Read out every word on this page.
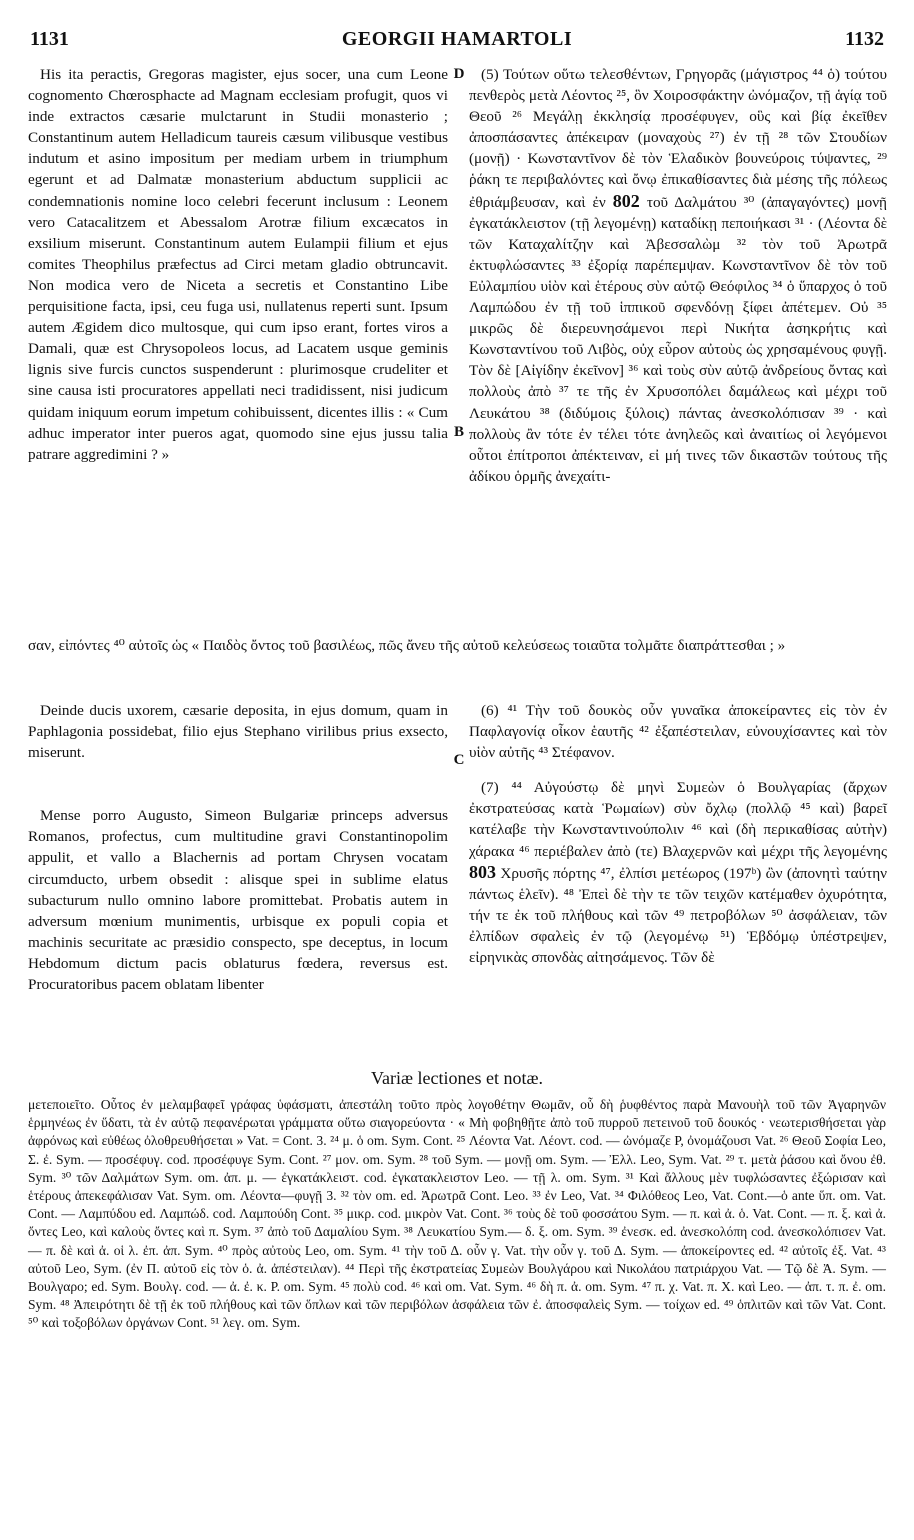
1131	GEORGII HAMARTOLI	1132
D
B
C

His ita peractis, Gregoras magister, ejus socer, una cum Leone cognomento Chœrosphacte ad Magnam ecclesiam profugit, quos vi inde extractos cæsarie mulctarunt in Studii monasterio ; Constantinum autem Helladicum taureis cæsum vilibusque vestibus indutum et asino impositum per mediam urbem in triumphum egerunt et ad Dalmatæ monasterium abductum supplicii ac condemnationis nomine loco celebri fecerunt inclusum : Leonem vero Catacalitzem et Abessalom Arotræ filium excæcatos in exsilium miserunt. Constantinum autem Eulampii filium et ejus comites Theophilus præfectus ad Circi metam gladio obtruncavit. Non modica vero de Niceta a secretis et Constantino Libe perquisitione facta, ipsi, ceu fuga usi, nullatenus reperti sunt. Ipsum autem Ægidem dico multosque, qui cum ipso erant, fortes viros a Damali, quæ est Chrysopoleos locus, ad Lacatem usque geminis lignis sive furcis cunctos suspenderunt : plurimosque crudeliter et sine causa isti procuratores appellati neci tradidissent, nisi judicum quidam iniquum eorum impetum cohibuissent, dicentes illis : « Cum adhuc imperator inter pueros agat, quomodo sine ejus jussu talia patrare aggredimini ? »

(5) Τούτων οὕτω τελεσθέντων, Γρηγορᾶς (μάγιστρος ⁴⁴ ὁ) τούτου πενθερὸς μετὰ Λέοντος ²⁵, ὃν Χοιροσφάκτην ὠνόμαζον, τῇ ἁγίᾳ τοῦ Θεοῦ ²⁶ Μεγάλῃ ἐκκλησίᾳ προσέφυγεν, οὓς καὶ βίᾳ ἐκεῖθεν ἀποσπάσαντες ἀπέκειραν (μοναχοὺς ²⁷) ἐν τῇ ²⁸ τῶν Στουδίων (μονῇ) · Κωνσταντῖνον δὲ τὸν Ἑλαδικὸν βουνεύροις τύψαντες, ²⁹ ῥάκη τε περιβαλόντες καὶ ὄνῳ ἐπικαθίσαντες διὰ μέσης τῆς πόλεως ἐθριάμβευσαν, καὶ ἐν 802 τοῦ Δαλμάτου ³⁰ (ἀπαγαγόντες) μονῇ ἐγκατάκλειστον (τῇ λεγομένῃ) καταδίκῃ πεποιήκασι ³¹ · (Λέοντα δὲ τῶν Καταχαλίτζην καὶ Ἀβεσσαλὼμ ³² τὸν τοῦ Ἀρωτρᾶ ἐκτυφλώσαντες ³³ ἐξορίᾳ παρέπεμψαν. Κωνσταντῖνον δὲ τὸν τοῦ Εὐλαμπίου υἱὸν καὶ ἑτέρους σὺν αὐτῷ Θεόφιλος ³⁴ ὁ ὕπαρχος ὁ τοῦ Λαμπώδου ἐν τῇ τοῦ ἱππικοῦ σφενδόνῃ ξίφει ἀπέτεμεν. Οὐ ³⁵ μικρῶς δὲ διερευνησάμενοι περὶ Νικήτα ἀσηκρήτις καὶ Κωνσταντίνου τοῦ Λιβὸς, οὐχ εὗρον αὐτοὺς ὡς χρησαμένους φυγῇ. Τὸν δὲ [Αἰγίδην ἐκεῖνον] ³⁶ καὶ τοὺς σὺν αὐτῷ ἀνδρείους ὄντας καὶ πολλοὺς ἀπὸ ³⁷ τε τῆς ἐν Χρυσοπόλει δαμάλεως καὶ μέχρι τοῦ Λευκάτου ³⁸ (διδύμοις ξύλοις) πάντας ἀνεσκολόπισαν ³⁹ · καὶ πολλοὺς ἂν τότε ἐν τέλει τότε ἀνηλεῶς καὶ ἀναιτίως οἱ λεγόμενοι οὗτοι ἐπίτροποι ἀπέκτειναν, εἰ μή τινες τῶν δικαστῶν τούτους τῆς ἀδίκου ὁρμῆς ἀνεχαίτι-

σαν, εἰπόντες ⁴⁰ αὐτοῖς ὡς « Παιδὸς ὄντος τοῦ βασιλέως, πῶς ἄνευ τῆς αὐτοῦ κελεύσεως τοιαῦτα τολμᾶτε διαπράττεσθαι ; »

Deinde ducis uxorem, cæsarie deposita, in ejus domum, quam in Paphlagonia possidebat, filio ejus Stephano virilibus prius exsecto, miserunt.

Mense porro Augusto, Simeon Bulgariæ princeps adversus Romanos, profectus, cum multitudine gravi Constantinopolim appulit, et vallo a Blachernis ad portam Chrysen vocatam circumducto, urbem obsedit : alisque spei in sublime elatus subacturum nullo omnino labore promittebat. Probatis autem in adversum mœnium munimentis, urbisque ex populi copia et machinis securitate ac præsidio conspecto, spe deceptus, in locum Hebdomum dictum pacis oblaturus fœdera, reversus est. Procuratoribus pacem oblatam libenter

(6) ⁴¹ Τὴν τοῦ δουκὸς οὖν γυναῖκα ἀποκείραντες εἰς τὸν ἐν Παφλαγονίᾳ οἶκον ἑαυτῆς ⁴² ἐξαπέστειλαν, εὐνουχίσαντες καὶ τὸν υἱὸν αὐτῆς ⁴³ Στέφανον.

(7) ⁴⁴ Αὐγούστῳ δὲ μηνὶ Συμεὼν ὁ Βουλγαρίας (ἄρχων ἐκστρατεύσας κατὰ Ῥωμαίων) σὺν ὄχλῳ (πολλῷ ⁴⁵ καὶ) βαρεῖ κατέλαβε τὴν Κωνσταντινούπολιν ⁴⁶ καὶ (δὴ περικαθίσας αὐτὴν) χάρακα ⁴⁶ περιέβαλεν ἀπὸ (τε) Βλαχερνῶν καὶ μέχρι τῆς λεγομένης 803 Χρυσῆς πόρτης ⁴⁷, ἐλπίσι μετέωρος (197ᵇ) ὢν (ἀπονητὶ ταύτην πάντως ἑλεῖν). ⁴⁸ Ἐπεὶ δὲ τὴν τε τῶν τειχῶν κατέμαθεν ὀχυρότητα, τήν τε ἐκ τοῦ πλήθους καὶ τῶν ⁴⁹ πετροβόλων ⁵⁰ ἀσφάλειαν, τῶν ἐλπίδων σφαλεὶς ἐν τῷ (λεγομένῳ ⁵¹) Ἑβδόμῳ ὑπέστρεψεν, εἰρηνικὰς σπονδὰς αἰτησάμενος. Τῶν δὲ

Variæ lectiones et notæ.

μετεποιεῖτο. Οὗτος ἐν μελαμβαφεῖ γράφας ὑφάσματι, ἀπεστάλη τοῦτο πρὸς λογοθέτην Θωμᾶν, οὗ δὴ ῥυφθέντος παρὰ Μανουὴλ τοῦ τῶν Ἀγαρηνῶν ἑρμηνέως ἐν ὕδατι, τὰ ἐν αὐτῷ πεφανέρωται γράμματα οὕτω σιαγορεύοντα · « Μὴ φοβηθῇτε ἀπὸ τοῦ πυρροῦ πετεινοῦ τοῦ δουκός · νεωτερισθήσεται γὰρ ἀφρόνως καὶ εὐθέως ὀλοθρευθήσεται » Vat. = Cont. 3. ²⁴ μ. ὁ om. Sym. Cont. ²⁵ Λέοντα Vat. Λέοντ. cod. — ὠνόμαζε P, ὀνομάζουσι Vat. ²⁶ Θεοῦ Σοφία Leo, Σ. ἐ. Sym. — προσέφυγ. cod. προσέφυγε Sym. Cont. ²⁷ μον. om. Sym. ²⁸ τοῦ Sym. — μονῇ om. Sym. — Ἐλλ. Leo, Sym. Vat. ²⁹ τ. μετὰ ῥάσου καὶ ὄνου ἐθ. Sym. ³⁰ τῶν Δαλμάτων Sym. om. ἀπ. μ. — ἐγκατάκλειστ. cod. ἐγκατακλειστον Leo. — τῇ λ. om. Sym. ³¹ Καὶ ἄλλους μὲν τυφλώσαντες ἐξώρισαν καὶ ἑτέρους ἀπεκεφάλισαν Vat. Sym. om. Λέοντα—φυγῇ 3. ³² τὸν om. ed. Ἀρωτρᾶ Cont. Leo. ³³ ἐν Leo, Vat. ³⁴ Φιλόθεος Leo, Vat. Cont.—ὁ ante ὕπ. om. Vat. Cont. — Λαμπύδου ed. Λαμπώδ. cod. Λαμπούδη Cont. ³⁵ μικρ. cod. μικρὸν Vat. Cont. ³⁶ τοὺς δὲ τοῦ φοσσάτου Sym. — π. καὶ ἀ. ὁ. Vat. Cont. — π. ξ. καὶ ἀ. ὄντες Leo, καὶ καλοὺς ὄντες καὶ π. Sym. ³⁷ ἀπὸ τοῦ Δαμαλίου Sym. ³⁸ Λευκατίου Sym.— δ. ξ. om. Sym. ³⁹ ἐνεσκ. ed. ἀνεσκολόπη cod. ἀνεσκολόπισεν Vat. — π. δὲ καὶ ἀ. οἱ λ. ἐπ. ἀπ. Sym. ⁴⁰ πρὸς αὐτοὺς Leo, om. Sym. ⁴¹ τὴν τοῦ Δ. οὖν γ. Vat. τὴν οὖν γ. τοῦ Δ. Sym. — ἀποκείροντες ed. ⁴² αὐτοῖς ἐξ. Vat. ⁴³ αὐτοῦ Leo, Sym. (ἐν Π. αὐτοῦ εἰς τὸν ὁ. ἀ. ἀπέστειλαν). ⁴⁴ Περὶ τῆς ἐκστρατείας Συμεὼν Βουλγάρου καὶ Νικολάου πατριάρχου Vat. — Τῷ δὲ Ἀ. Sym. — Βουλγαρο; ed. Sym. Βουλγ. cod. — ἀ. ἐ. κ. P. om. Sym. ⁴⁵ πολὺ cod. ⁴⁶ καὶ om. Vat. Sym. ⁴⁶ δὴ π. ἀ. om. Sym. ⁴⁷ π. χ. Vat. π. X. καὶ Leo. — ἀπ. τ. π. ἐ. om. Sym. ⁴⁸ Ἀπειρότητι δὲ τῇ ἐκ τοῦ πλήθους καὶ τῶν ὅπλων καὶ τῶν περιβόλων ἀσφάλεια τῶν ἐ. ἀποσφαλεὶς Sym. — τοίχων ed. ⁴⁹ ὁπλιτῶν καὶ τῶν Vat. Cont. ⁵⁰ καὶ τοξοβόλων ὀργάνων Cont. ⁵¹ λεγ. om. Sym.
